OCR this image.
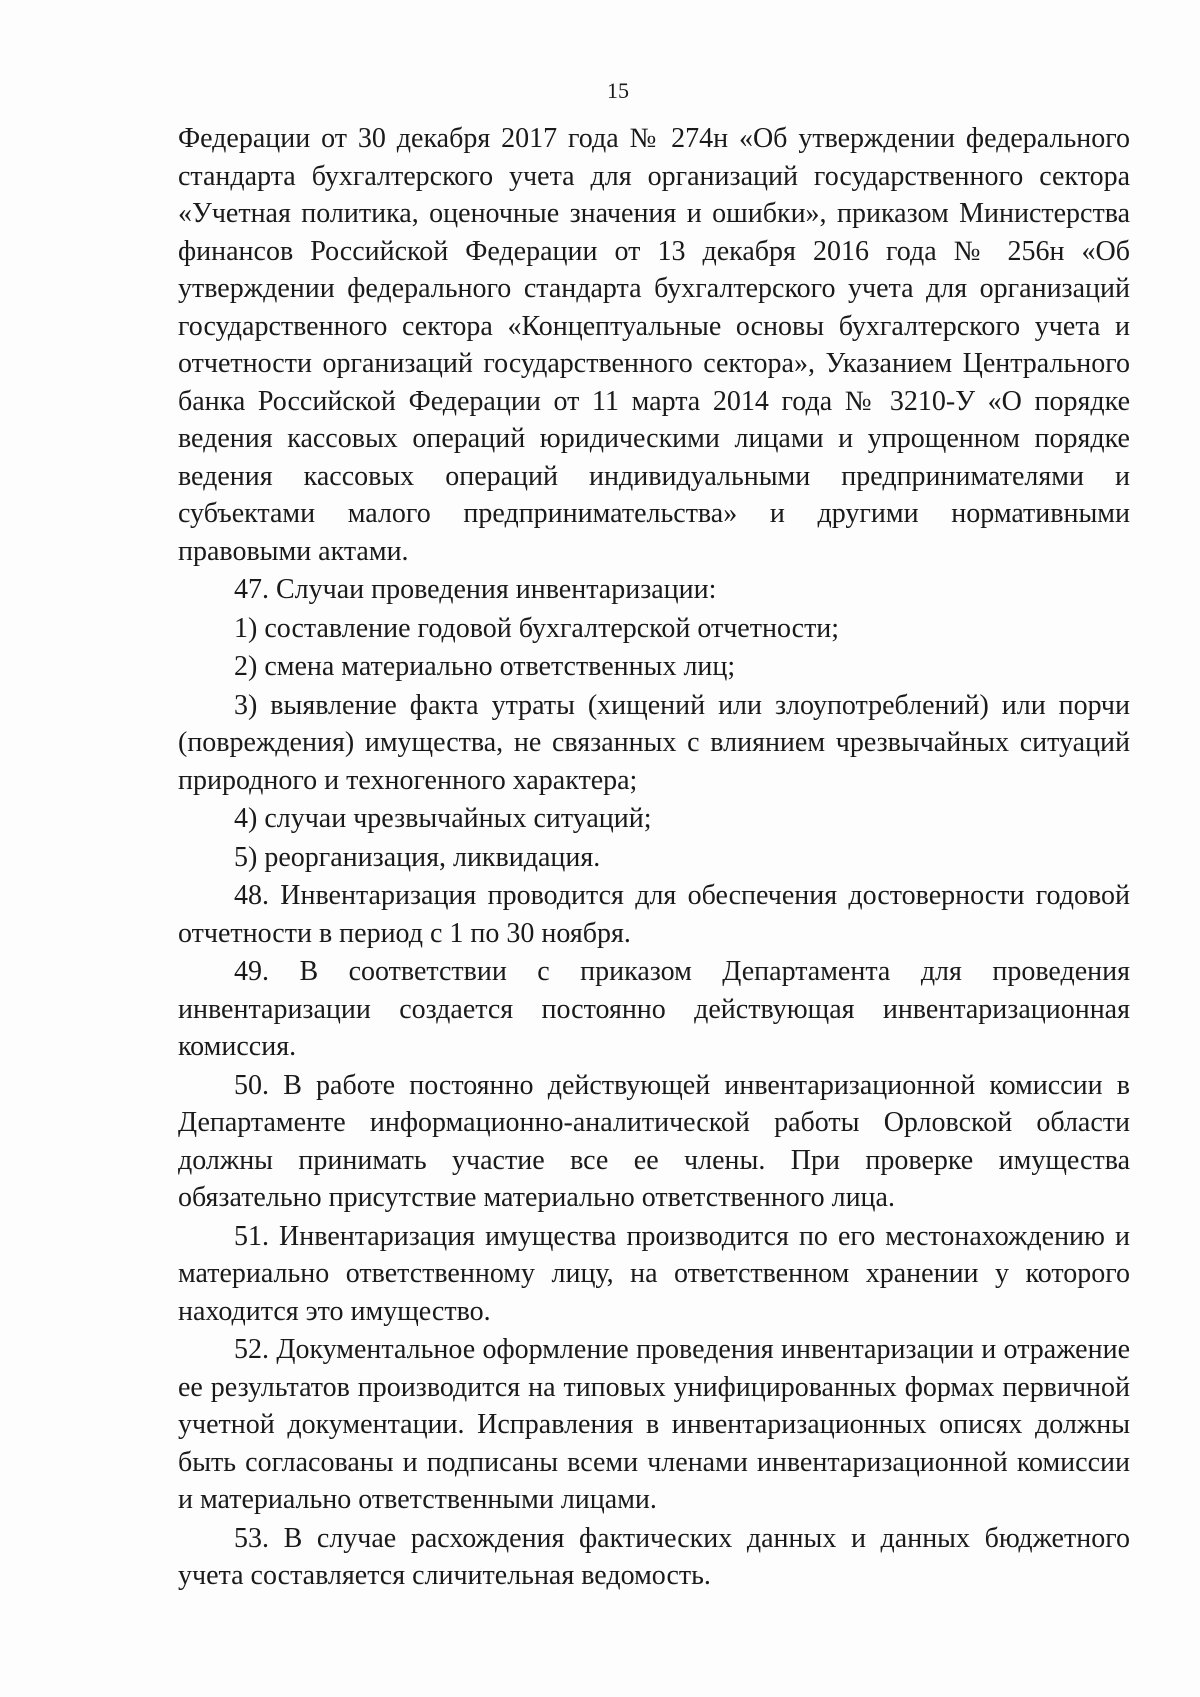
15

Федерации от 30 декабря 2017 года № 274н «Об утверждении федерального стандарта бухгалтерского учета для организаций государственного сектора «Учетная политика, оценочные значения и ошибки», приказом Министерства финансов Российской Федерации от 13 декабря 2016 года № 256н «Об утверждении федерального стандарта бухгалтерского учета для организаций государственного сектора «Концептуальные основы бухгалтерского учета и отчетности организаций государственного сектора», Указанием Центрального банка Российской Федерации от 11 марта 2014 года № 3210-У «О порядке ведения кассовых операций юридическими лицами и упрощенном порядке ведения кассовых операций индивидуальными предпринимателями и субъектами малого предпринимательства» и другими нормативными правовыми актами.

47. Случаи проведения инвентаризации:

1) составление годовой бухгалтерской отчетности;

2) смена материально ответственных лиц;

3) выявление факта утраты (хищений или злоупотреблений) или порчи (повреждения) имущества, не связанных с влиянием чрезвычайных ситуаций природного и техногенного характера;

4) случаи чрезвычайных ситуаций;

5) реорганизация, ликвидация.

48. Инвентаризация проводится для обеспечения достоверности годовой отчетности в период с 1 по 30 ноября.

49. В соответствии с приказом Департамента для проведения инвентаризации создается постоянно действующая инвентаризационная комиссия.

50. В работе постоянно действующей инвентаризационной комиссии в Департаменте информационно-аналитической работы Орловской области должны принимать участие все ее члены. При проверке имущества обязательно присутствие материально ответственного лица.

51. Инвентаризация имущества производится по его местонахождению и материально ответственному лицу, на ответственном хранении у которого находится это имущество.

52. Документальное оформление проведения инвентаризации и отражение ее результатов производится на типовых унифицированных формах первичной учетной документации. Исправления в инвентаризационных описях должны быть согласованы и подписаны всеми членами инвентаризационной комиссии и материально ответственными лицами.

53. В случае расхождения фактических данных и данных бюджетного учета составляется сличительная ведомость.
